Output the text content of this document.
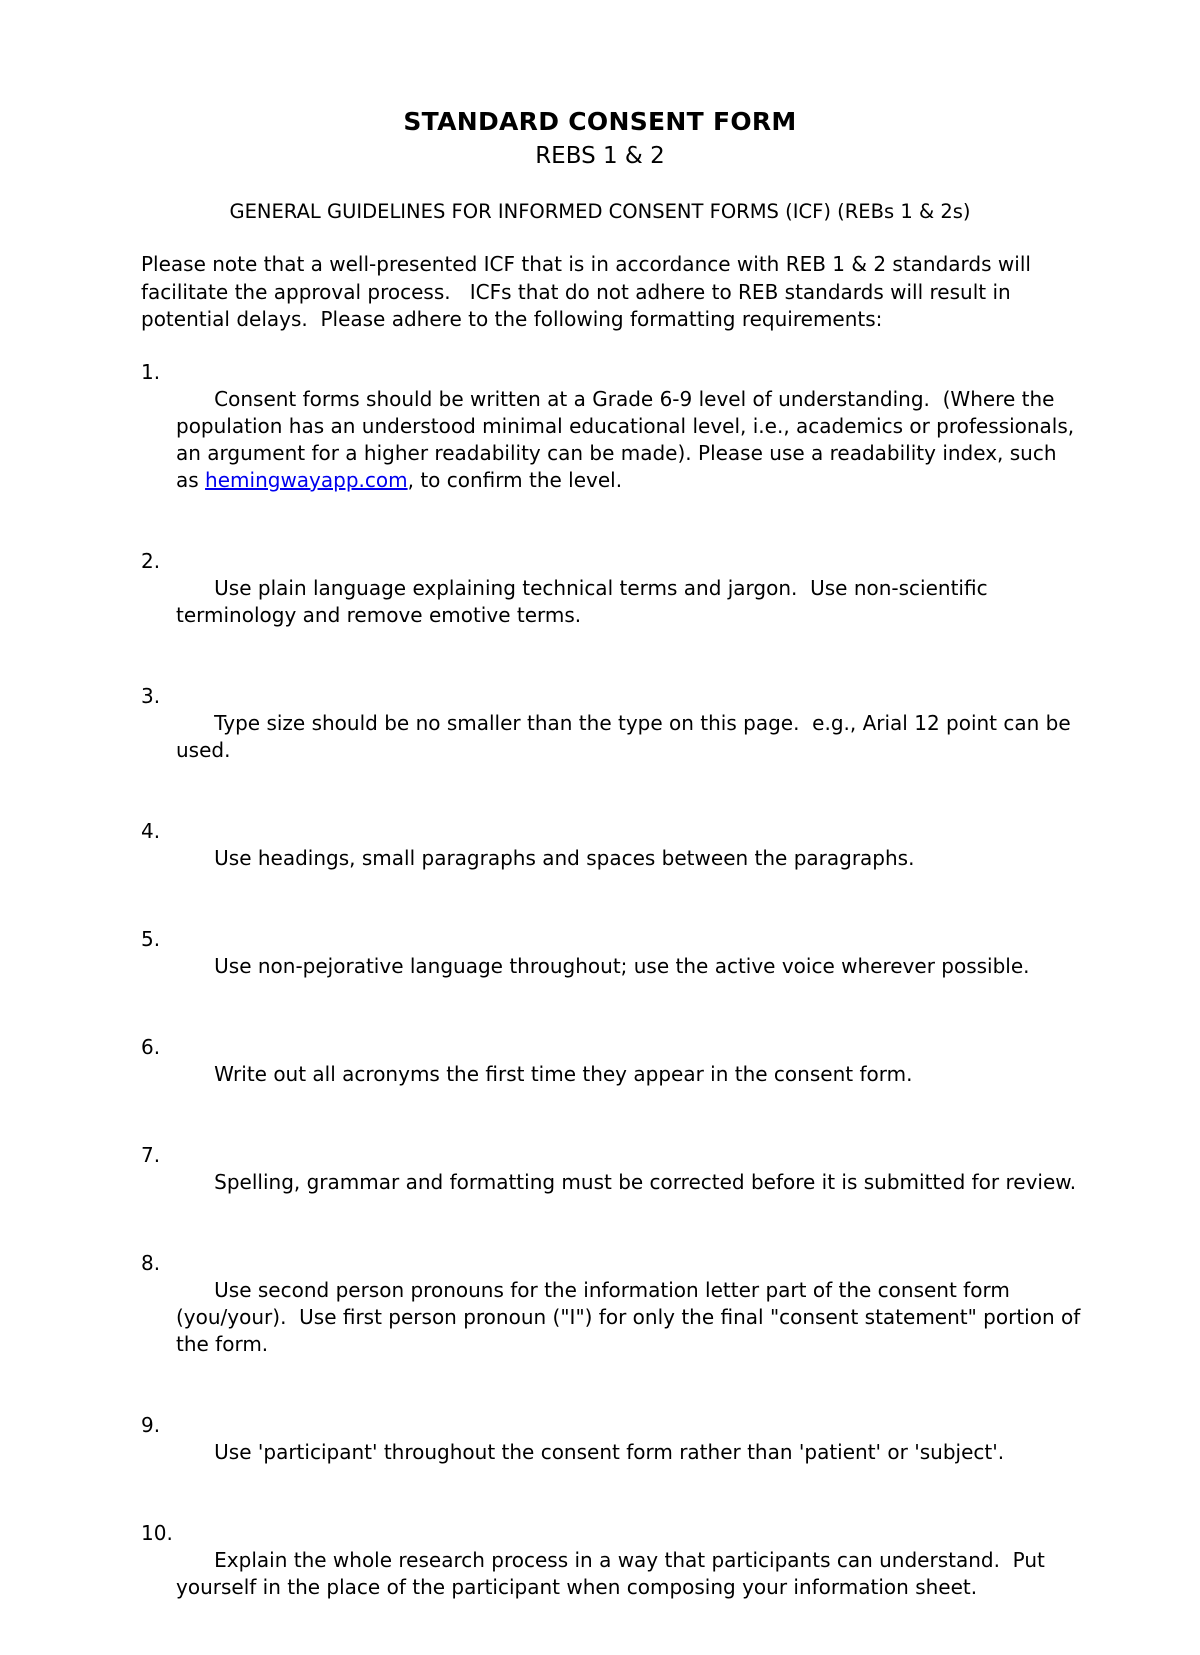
STANDARD CONSENT FORM
REBS 1 & 2
GENERAL GUIDELINES FOR INFORMED CONSENT FORMS (ICF) (REBs 1 & 2s)
Please note that a well-presented ICF that is in accordance with REB 1 & 2 standards will facilitate the approval process.   ICFs that do not adhere to REB standards will result in potential delays.  Please adhere to the following formatting requirements:

1.
Consent forms should be written at a Grade 6-9 level of understanding.  (Where the population has an understood minimal educational level, i.e., academics or professionals, an argument for a higher readability can be made). Please use a readability index, such as hemingwayapp.com, to confirm the level.

2.
Use plain language explaining technical terms and jargon.  Use non-scientific terminology and remove emotive terms.

3.
Type size should be no smaller than the type on this page.  e.g., Arial 12 point can be used.

4.
Use headings, small paragraphs and spaces between the paragraphs.

5.
Use non-pejorative language throughout; use the active voice wherever possible.

6.
Write out all acronyms the first time they appear in the consent form.

7.
Spelling, grammar and formatting must be corrected before it is submitted for review.

8.
Use second person pronouns for the information letter part of the consent form (you/your).  Use first person pronoun ("I") for only the final "consent statement" portion of the form.

9.
Use 'participant' throughout the consent form rather than 'patient' or 'subject'.

10.
Explain the whole research process in a way that participants can understand.  Put yourself in the place of the participant when composing your information sheet.
